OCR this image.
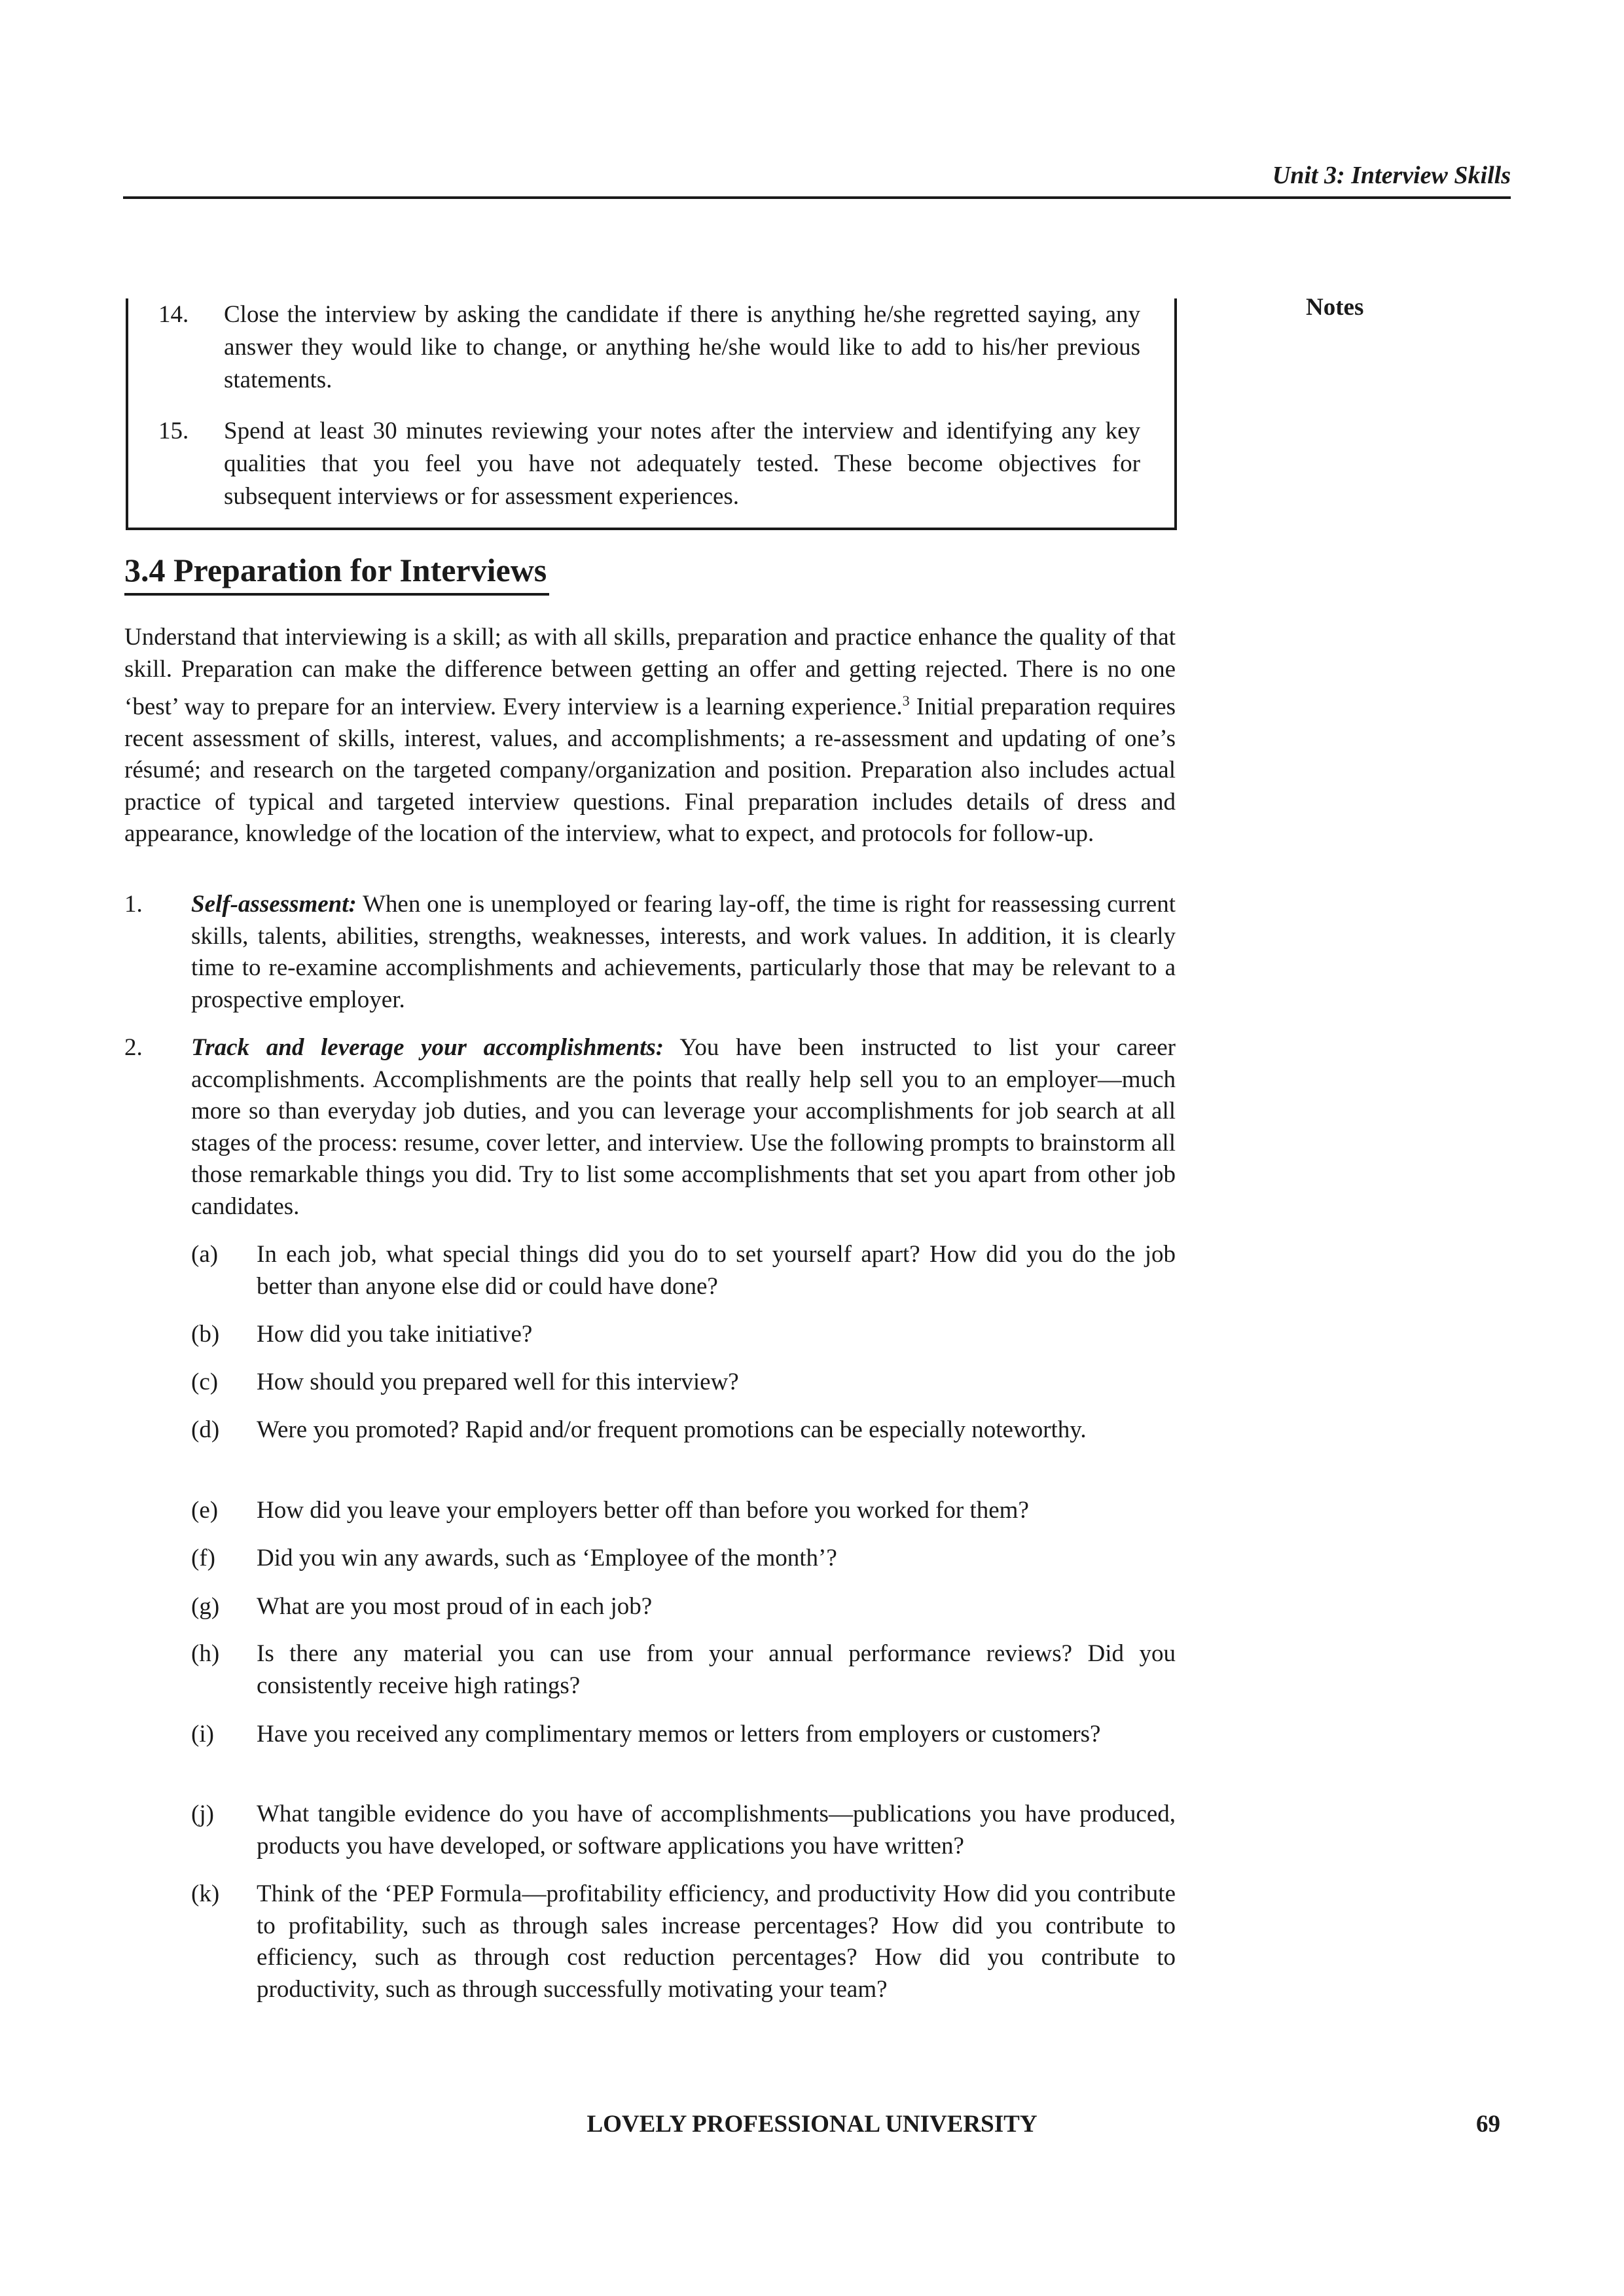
Unit 3: Interview Skills
Notes
14. Close the interview by asking the candidate if there is anything he/she regretted saying, any answer they would like to change, or anything he/she would like to add to his/her previous statements.
15. Spend at least 30 minutes reviewing your notes after the interview and identifying any key qualities that you feel you have not adequately tested. These become objectives for subsequent interviews or for assessment experiences.
3.4 Preparation for Interviews

Understand that interviewing is a skill; as with all skills, preparation and practice enhance the quality of that skill. Preparation can make the difference between getting an offer and getting rejected. There is no one ‘best’ way to prepare for an interview. Every interview is a learning experience.$^3$ Initial preparation requires recent assessment of skills, interest, values, and accomplishments; a re-assessment and updating of one’s résumé; and research on the targeted company/organization and position. Preparation also includes actual practice of typical and targeted interview questions. Final preparation includes details of dress and appearance, knowledge of the location of the interview, what to expect, and protocols for follow-up.

1. Self-assessment: When one is unemployed or fearing lay-off, the time is right for reassessing current skills, talents, abilities, strengths, weaknesses, interests, and work values. In addition, it is clearly time to re-examine accomplishments and achievements, particularly those that may be relevant to a prospective employer.
2. Track and leverage your accomplishments: You have been instructed to list your career accomplishments. Accomplishments are the points that really help sell you to an employer—much more so than everyday job duties, and you can leverage your accomplishments for job search at all stages of the process: resume, cover letter, and interview. Use the following prompts to brainstorm all those remarkable things you did. Try to list some accomplishments that set you apart from other job candidates.
(a) In each job, what special things did you do to set yourself apart? How did you do the job better than anyone else did or could have done?
(b) How did you take initiative?
(c) How should you prepared well for this interview?
(d) Were you promoted? Rapid and/or frequent promotions can be especially noteworthy.
(e) How did you leave your employers better off than before you worked for them?
(f) Did you win any awards, such as ‘Employee of the month’?
(g) What are you most proud of in each job?
(h) Is there any material you can use from your annual performance reviews? Did you consistently receive high ratings?
(i) Have you received any complimentary memos or letters from employers or customers?
(j) What tangible evidence do you have of accomplishments—publications you have produced, products you have developed, or software applications you have written?
(k) Think of the ‘PEP Formula—profitability efficiency, and productivity How did you contribute to profitability, such as through sales increase percentages? How did you contribute to efficiency, such as through cost reduction percentages? How did you contribute to productivity, such as through successfully motivating your team?
LOVELY PROFESSIONAL UNIVERSITY	69
